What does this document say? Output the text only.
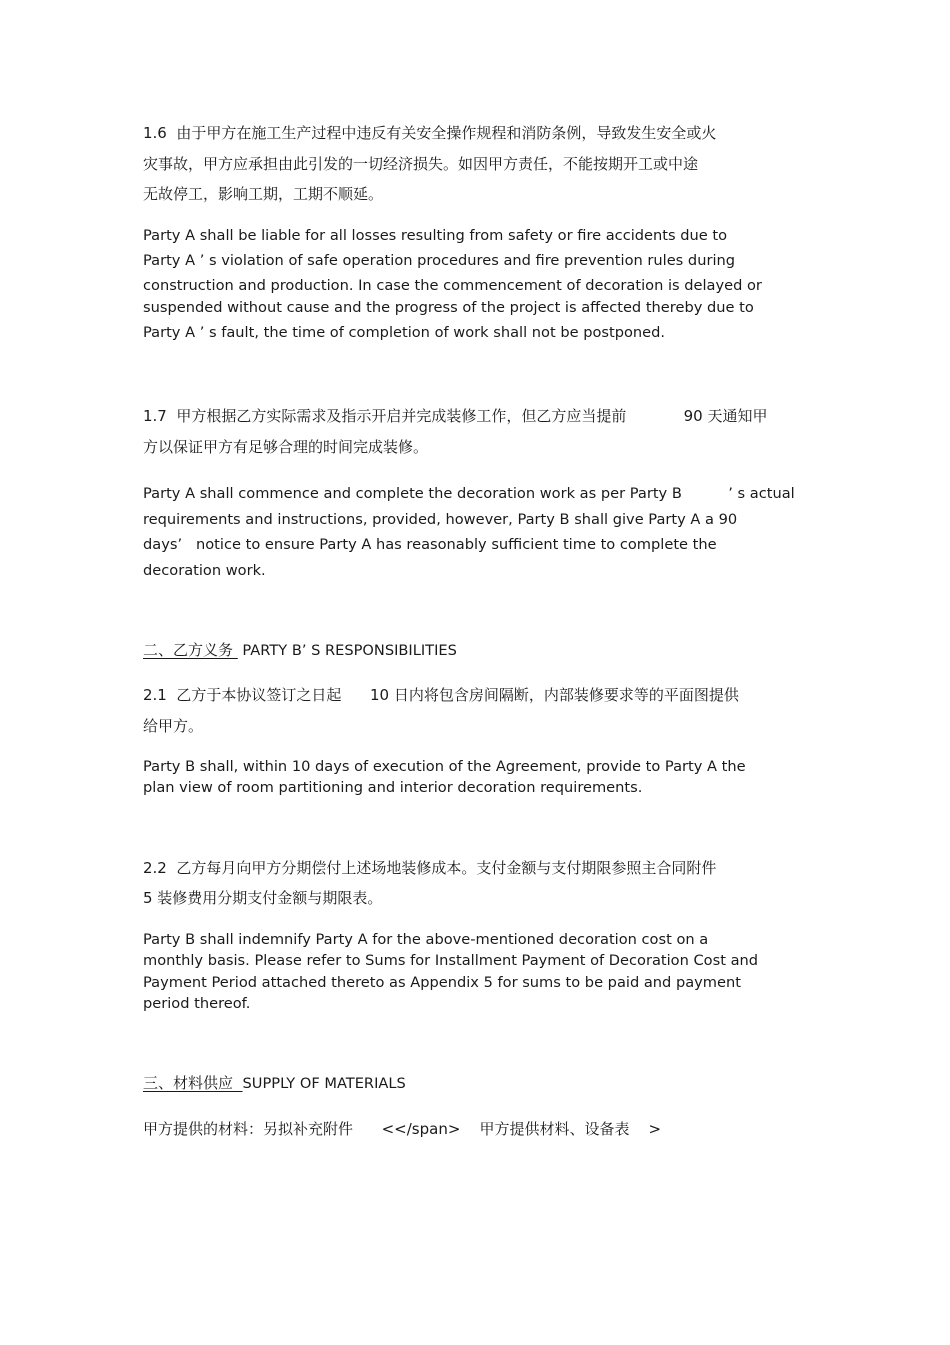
1.6  由于甲方在施工生产过程中违反有关安全操作规程和消防条例，导致发生安全或火
灾事故，甲方应承担由此引发的一切经济损失。如因甲方责任，不能按期开工或中途
无故停工，影响工期，工期不顺延。
Party A shall be liable for all losses resulting from safety or fire accidents due to
Party A ’ s violation of safe operation procedures and fire prevention rules during
construction and production. In case the commencement of decoration is delayed or
suspended without cause and the progress of the project is affected thereby due to
Party A ’ s fault, the time of completion of work shall not be postponed.
1.7  甲方根据乙方实际需求及指示开启并完成装修工作，但乙方应当提前            90 天通知甲
方以保证甲方有足够合理的时间完成装修。
Party A shall commence and complete the decoration work as per Party B          ’ s actual
requirements and instructions, provided, however, Party B shall give Party A a 90
days’   notice to ensure Party A has reasonably sufficient time to complete the
decoration work.
二、乙方义务  PARTY B’ S RESPONSIBILITIES
2.1  乙方于本协议签订之日起      10 日内将包含房间隔断，内部装修要求等的平面图提供
给甲方。
Party B shall, within 10 days of execution of the Agreement, provide to Party A the
plan view of room partitioning and interior decoration requirements.
2.2  乙方每月向甲方分期偿付上述场地装修成本。支付金额与支付期限参照主合同附件
5 装修费用分期支付金额与期限表。
Party B shall indemnify Party A for the above-mentioned decoration cost on a
monthly basis. Please refer to Sums for Installment Payment of Decoration Cost and
Payment Period attached thereto as Appendix 5 for sums to be paid and payment
period thereof.
三、材料供应  SUPPLY OF MATERIALS
甲方提供的材料：另拟补充附件      <</span>    甲方提供材料、设备表    >
